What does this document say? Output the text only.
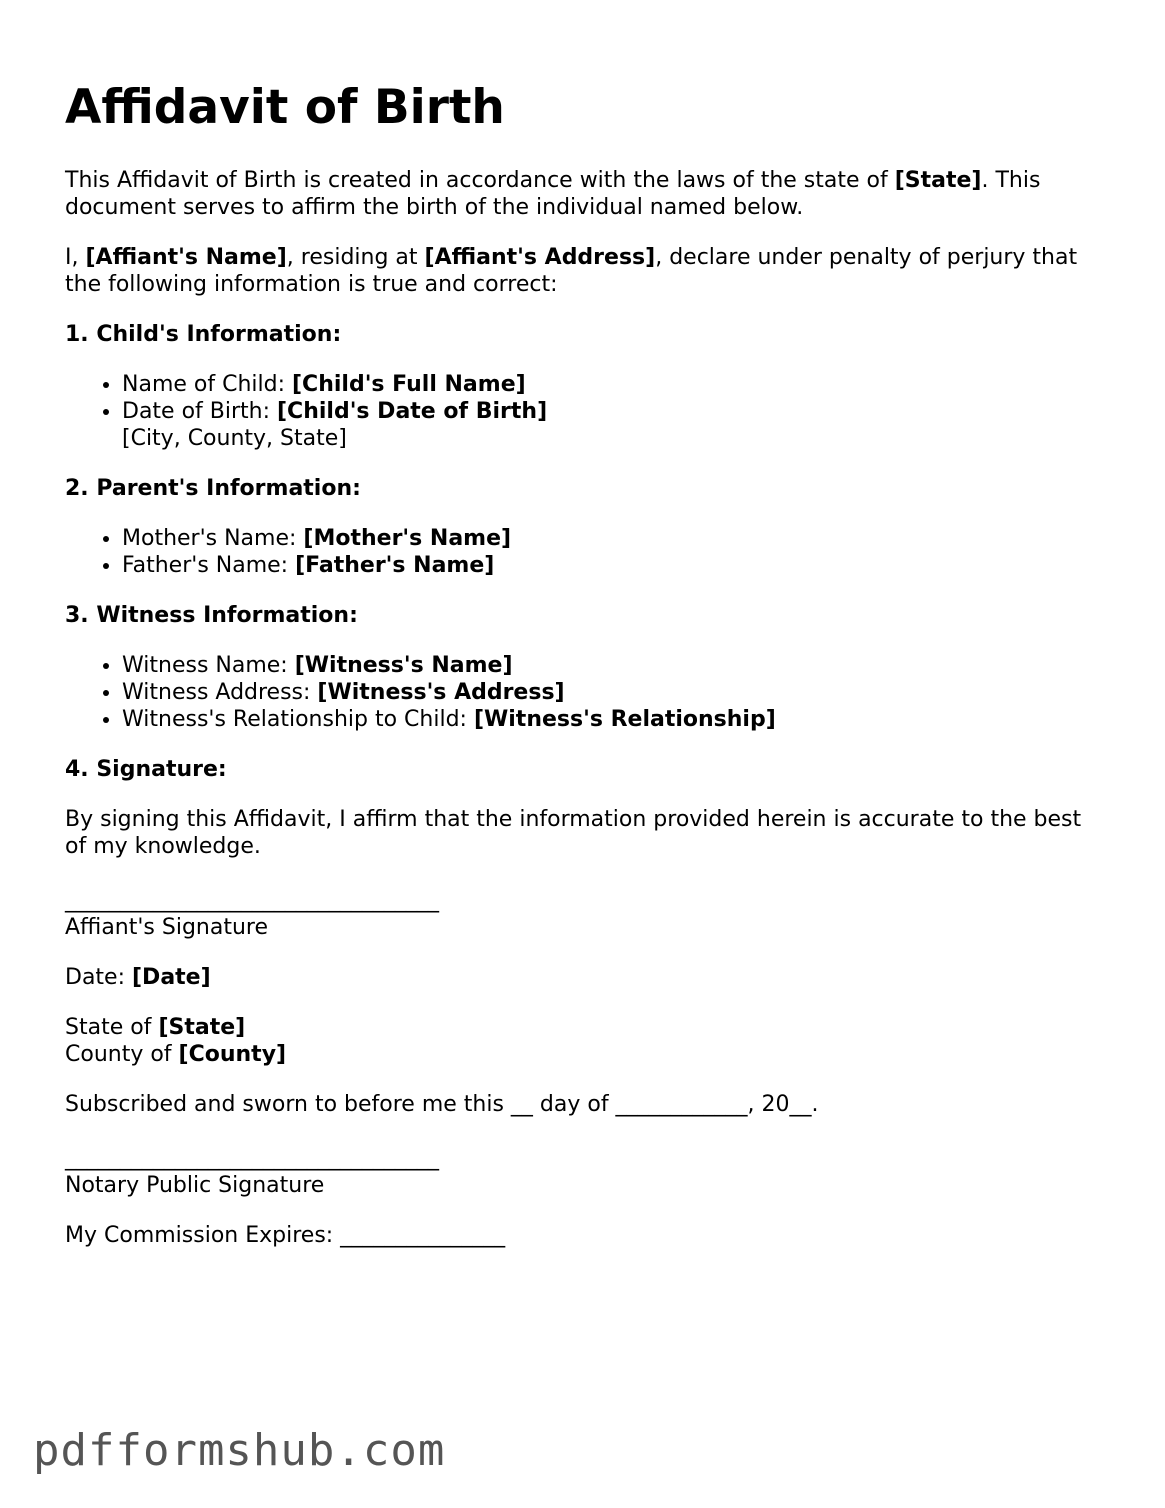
Affidavit of Birth

This Affidavit of Birth is created in accordance with the laws of the state of [State]. This document serves to affirm the birth of the individual named below.

I, [Affiant's Name], residing at [Affiant's Address], declare under penalty of perjury that the following information is true and correct:

1. Child's Information:
• Name of Child: [Child's Full Name]
• Date of Birth: [Child's Date of Birth]
[City, County, State]
2. Parent's Information:
• Mother's Name: [Mother's Name]
• Father's Name: [Father's Name]
3. Witness Information:
• Witness Name: [Witness's Name]
• Witness Address: [Witness's Address]
• Witness's Relationship to Child: [Witness's Relationship]
4. Signature:

By signing this Affidavit, I affirm that the information provided herein is accurate to the best of my knowledge.

__________________________________
Affiant's Signature

Date: [Date]

State of [State]
County of [County]

Subscribed and sworn to before me this __ day of ____________, 20__.

__________________________________
Notary Public Signature

My Commission Expires: _______________

pdfformshub.com
